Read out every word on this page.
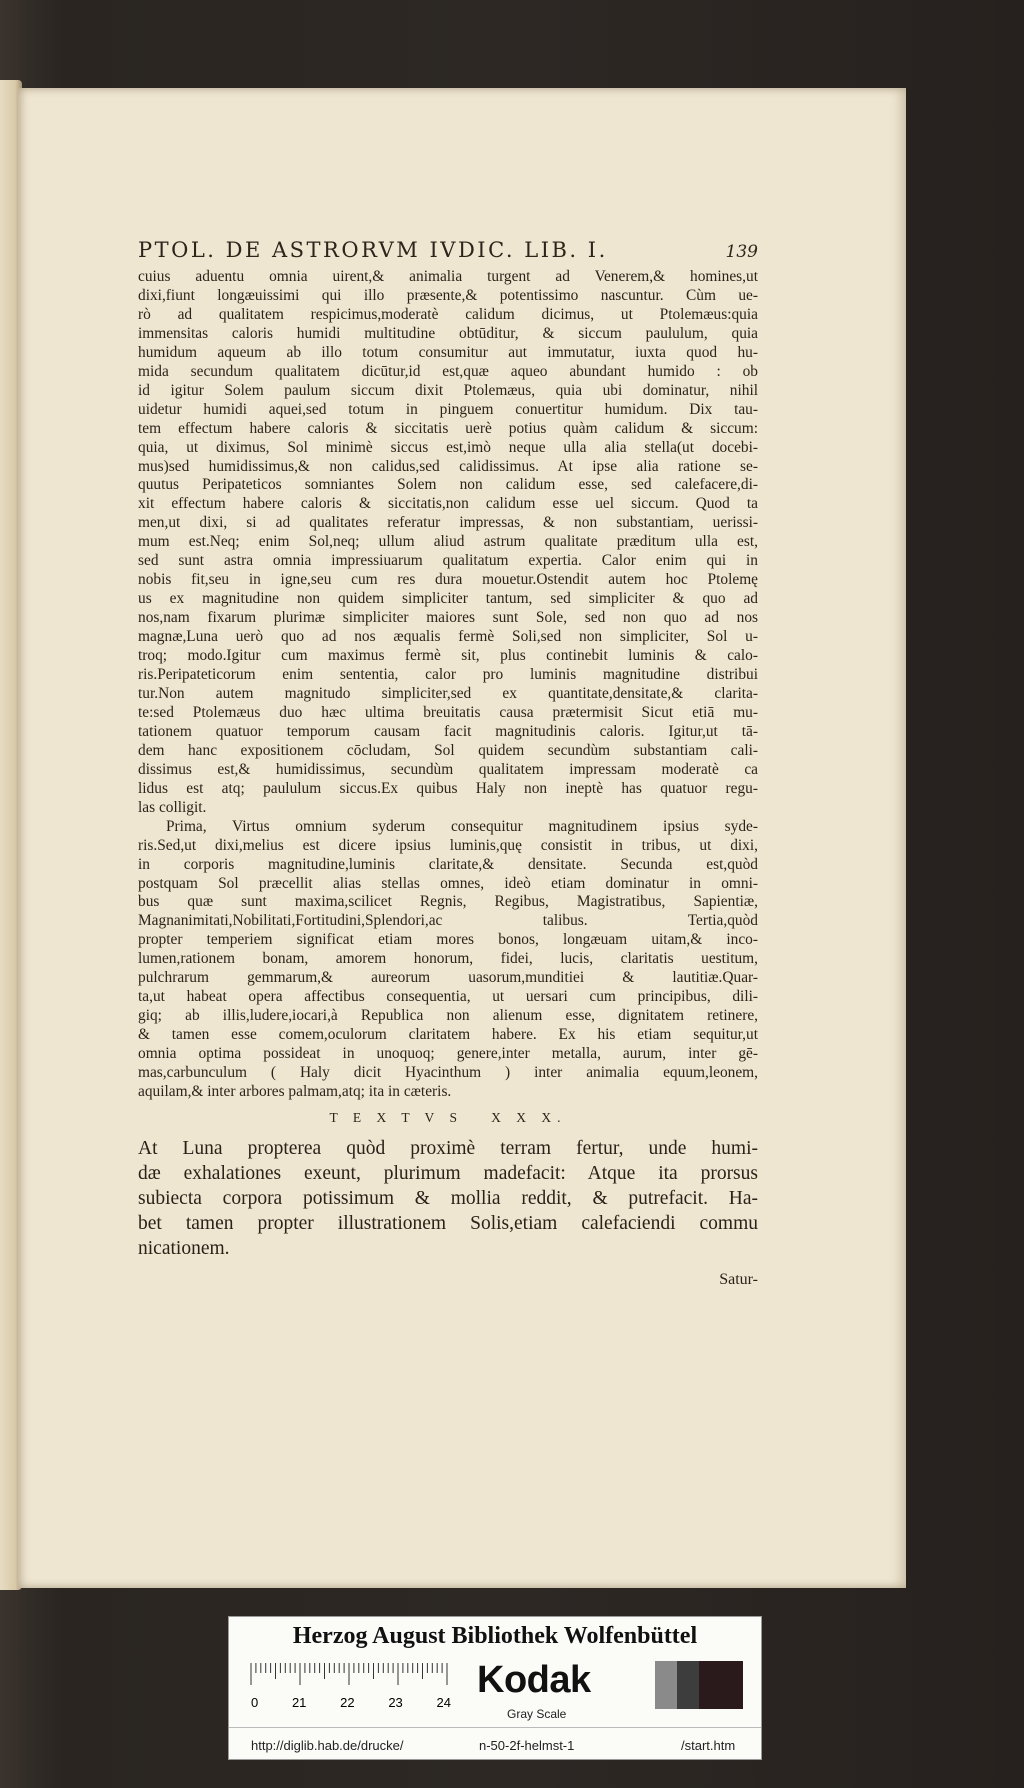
PTOL. DE ASTRORVM IVDIC. LIB. I.	139
cuius aduentu omnia uirent,& animalia turgent ad Venerem,& homines,ut
dixi,fiunt longæuissimi qui illo præsente,& potentissimo nascuntur. Cùm ue-
rò ad qualitatem respicimus,moderatè calidum dicimus, ut Ptolemæus:quia
immensitas caloris humidi multitudine obtūditur, & siccum paululum, quia
humidum aqueum ab illo totum consumitur aut immutatur, iuxta quod hu-
mida secundum qualitatem dicūtur,id est,quæ aqueo abundant humido : ob
id igitur Solem paulum siccum dixit Ptolemæus, quia ubi dominatur, nihil
uidetur humidi aquei,sed totum in pinguem conuertitur humidum. Dix tau-
tem effectum habere caloris & siccitatis uerè potius quàm calidum & siccum:
quia, ut diximus, Sol minimè siccus est,imò neque ulla alia stella(ut docebi-
mus)sed humidissimus,& non calidus,sed calidissimus. At ipse alia ratione se-
quutus Peripateticos somniantes Solem non calidum esse, sed calefacere,di-
xit effectum habere caloris & siccitatis,non calidum esse uel siccum. Quod ta
men,ut dixi, si ad qualitates referatur impressas, & non substantiam, uerissi-
mum est.Neq; enim Sol,neq; ullum aliud astrum qualitate præditum ulla est,
sed sunt astra omnia impressiuarum qualitatum expertia. Calor enim qui in
nobis fit,seu in igne,seu cum res dura mouetur.Ostendit autem hoc Ptolemę
us ex magnitudine non quidem simpliciter tantum, sed simpliciter & quo ad
nos,nam fixarum plurimæ simpliciter maiores sunt Sole, sed non quo ad nos
magnæ,Luna uerò quo ad nos æqualis fermè Soli,sed non simpliciter, Sol u-
troq; modo.Igitur cum maximus fermè sit, plus continebit luminis & calo-
ris.Peripateticorum enim sententia, calor pro luminis magnitudine distribui
tur.Non autem magnitudo simpliciter,sed ex quantitate,densitate,& clarita-
te:sed Ptolemæus duo hæc ultima breuitatis causa prætermisit Sicut etiā mu-
tationem quatuor temporum causam facit magnitudinis caloris. Igitur,ut tā-
dem hanc expositionem cōcludam, Sol quidem secundùm substantiam cali-
dissimus est,& humidissimus, secundùm qualitatem impressam moderatè ca
lidus est atq; paululum siccus.Ex quibus Haly non ineptè has quatuor regu-
las colligit.
Prima, Virtus omnium syderum consequitur magnitudinem ipsius syde-
ris.Sed,ut dixi,melius est dicere ipsius luminis,quę consistit in tribus, ut dixi,
in corporis magnitudine,luminis claritate,& densitate. Secunda est,quòd
postquam Sol præcellit alias stellas omnes, ideò etiam dominatur in omni-
bus quæ sunt maxima,scilicet Regnis, Regibus, Magistratibus, Sapientiæ,
Magnanimitati,Nobilitati,Fortitudini,Splendori,ac talibus. Tertia,quòd
propter temperiem significat etiam mores bonos, longæuam uitam,& inco-
lumen,rationem bonam, amorem honorum, fidei, lucis, claritatis uestitum,
pulchrarum gemmarum,& aureorum uasorum,munditiei & lautitiæ.Quar-
ta,ut habeat opera affectibus consequentia, ut uersari cum principibus, dili-
giq; ab illis,ludere,iocari,à Republica non alienum esse, dignitatem retinere,
& tamen esse comem,oculorum claritatem habere. Ex his etiam sequitur,ut
omnia optima possideat in unoquoq; genere,inter metalla, aurum, inter gē-
mas,carbunculum ( Haly dicit Hyacinthum ) inter animalia equum,leonem,
aquilam,& inter arbores palmam,atq; ita in cæteris.
T E X T V S   X X X.
At Luna propterea quòd proximè terram fertur, unde humi-
dæ exhalationes exeunt, plurimum madefacit: Atque ita prorsus
subiecta corpora potissimum & mollia reddit, & putrefacit. Ha-
bet tamen propter illustrationem Solis,etiam calefaciendi commu
nicationem.
Satur-
Herzog August Bibliothek Wolfenbüttel
0	21	22	23	24
Kodak
Gray Scale
http://diglib.hab.de/drucke/	n-50-2f-helmst-1	/start.htm
